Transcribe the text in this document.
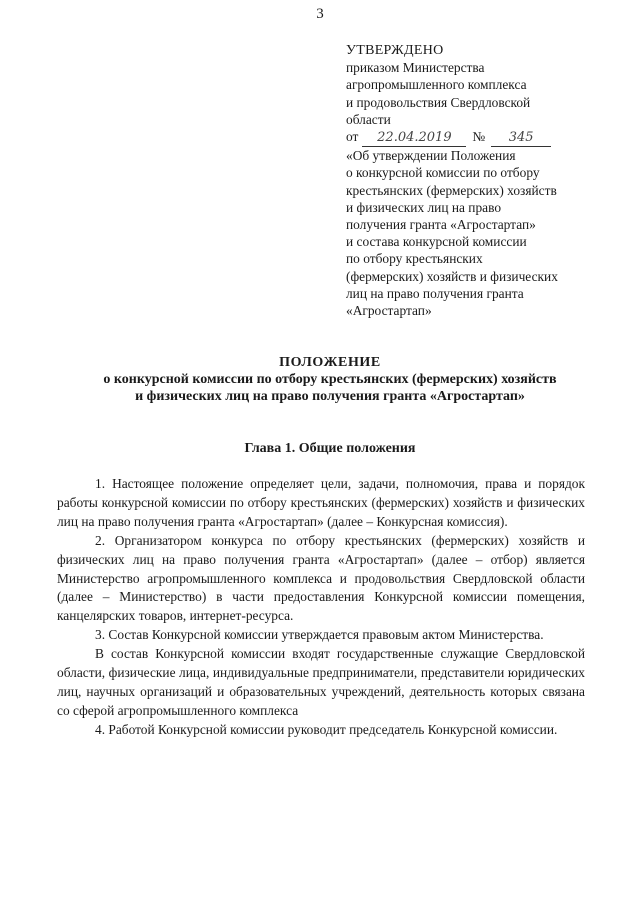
3
УТВЕРЖДЕНО
приказом Министерства
агропромышленного комплекса
и продовольствия Свердловской
области
от 22.04.2019 № 345
«Об утверждении Положения
о конкурсной комиссии по отбору
крестьянских (фермерских) хозяйств
и физических лиц на право
получения гранта «Агростартап»
и состава конкурсной комиссии
по отбору крестьянских
(фермерских) хозяйств и физических
лиц на право получения гранта
«Агростартап»
ПОЛОЖЕНИЕ
о конкурсной комиссии по отбору крестьянских (фермерских) хозяйств
и физических лиц на право получения гранта «Агростартап»
Глава 1. Общие положения

1. Настоящее положение определяет цели, задачи, полномочия, права и порядок работы конкурсной комиссии по отбору крестьянских (фермерских) хозяйств и физических лиц на право получения гранта «Агростартап» (далее – Конкурсная комиссия).

2. Организатором конкурса по отбору крестьянских (фермерских) хозяйств и физических лиц на право получения гранта «Агростартап» (далее – отбор) является Министерство агропромышленного комплекса и продовольствия Свердловской области (далее – Министерство) в части предоставления Конкурсной комиссии помещения, канцелярских товаров, интернет-ресурса.

3. Состав Конкурсной комиссии утверждается правовым актом Министерства.

В состав Конкурсной комиссии входят государственные служащие Свердловской области, физические лица, индивидуальные предприниматели, представители юридических лиц, научных организаций и образовательных учреждений, деятельность которых связана со сферой агропромышленного комплекса

4. Работой Конкурсной комиссии руководит председатель Конкурсной комиссии.
